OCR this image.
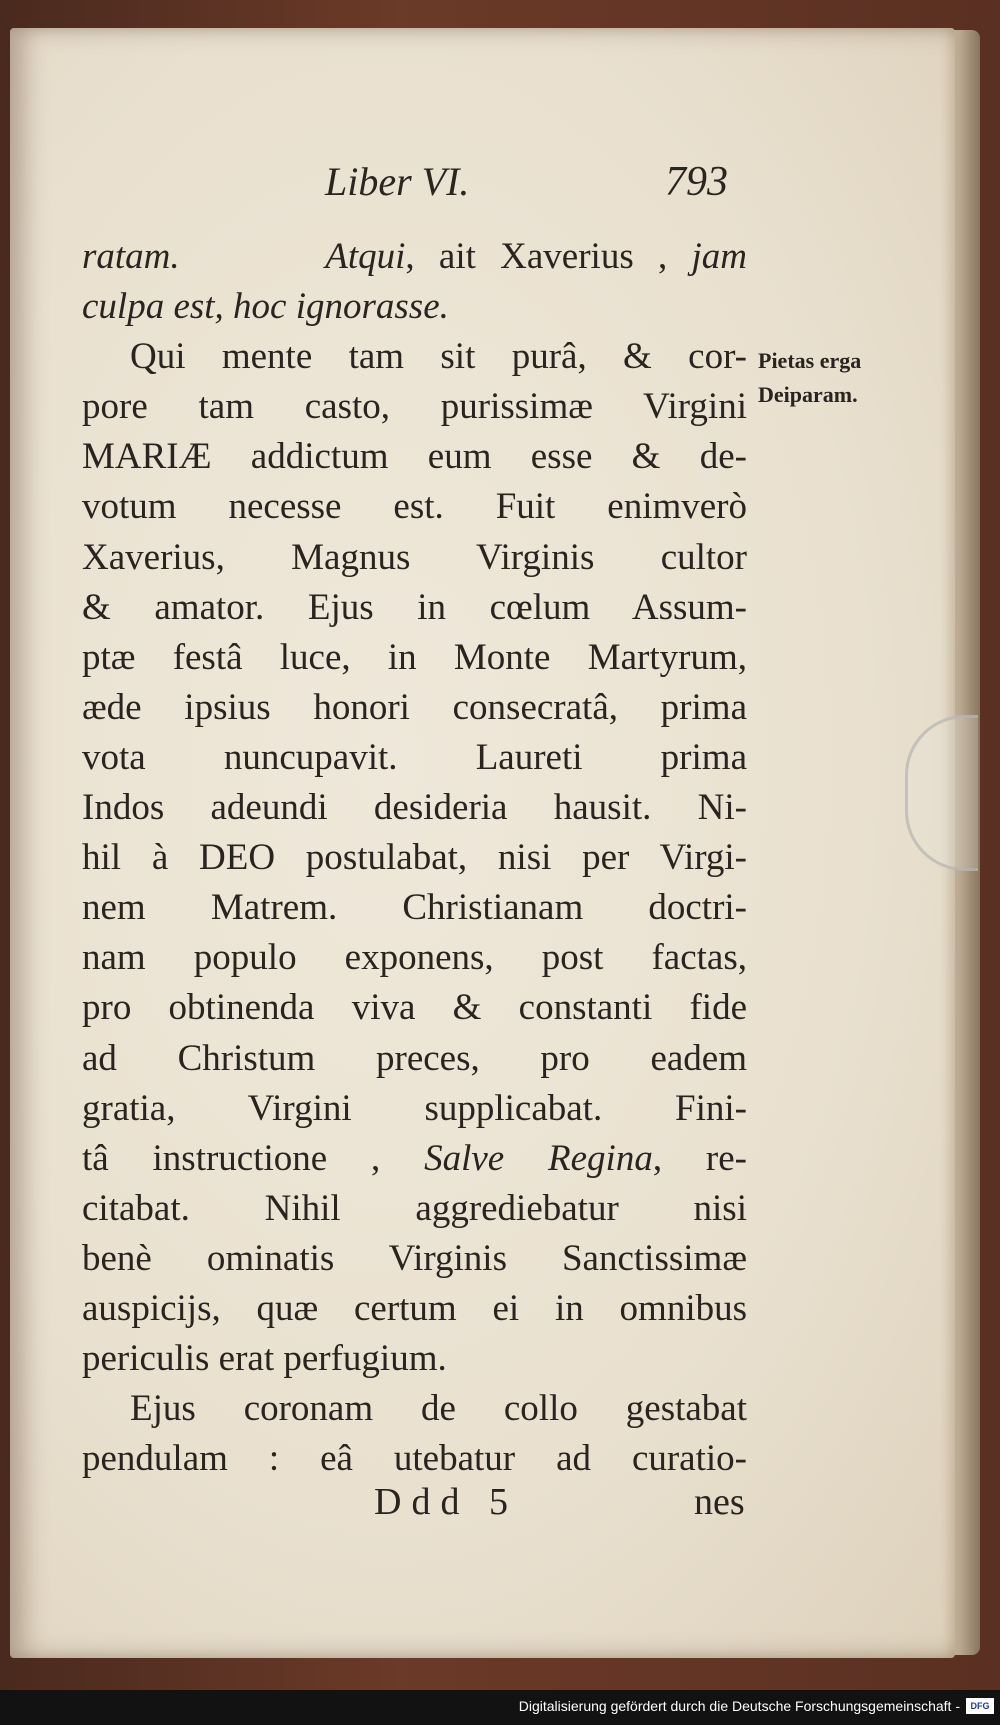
Liber VI.	793
ratam.	Atqui, ait Xaverius , jam
culpa est, hoc ignorasse.
Qui mente tam sit purâ, & cor-
pore tam casto, purissimæ Virgini
MARIÆ addictum eum esse & de-
votum necesse est. Fuit enimverò
Xaverius, Magnus Virginis cultor
& amator. Ejus in cœlum Assum-
ptæ festâ luce, in Monte Martyrum,
æde ipsius honori consecratâ, prima
vota nuncupavit. Laureti prima
Indos adeundi desideria hausit. Ni-
hil à DEO postulabat, nisi per Virgi-
nem Matrem. Christianam doctri-
nam populo exponens, post factas,
pro obtinenda viva & constanti fide
ad Christum preces, pro eadem
gratia, Virgini supplicabat. Fini-
tâ instructione , Salve Regina, re-
citabat. Nihil aggrediebatur nisi
benè ominatis Virginis Sanctissimæ
auspicijs, quæ certum ei in omnibus
periculis erat perfugium.
Ejus coronam de collo gestabat
pendulam : eâ utebatur ad curatio-
Pietas erga
Deiparam.
Ddd 5	nes
Digitalisierung gefördert durch die Deutsche Forschungsgemeinschaft -	DFG
